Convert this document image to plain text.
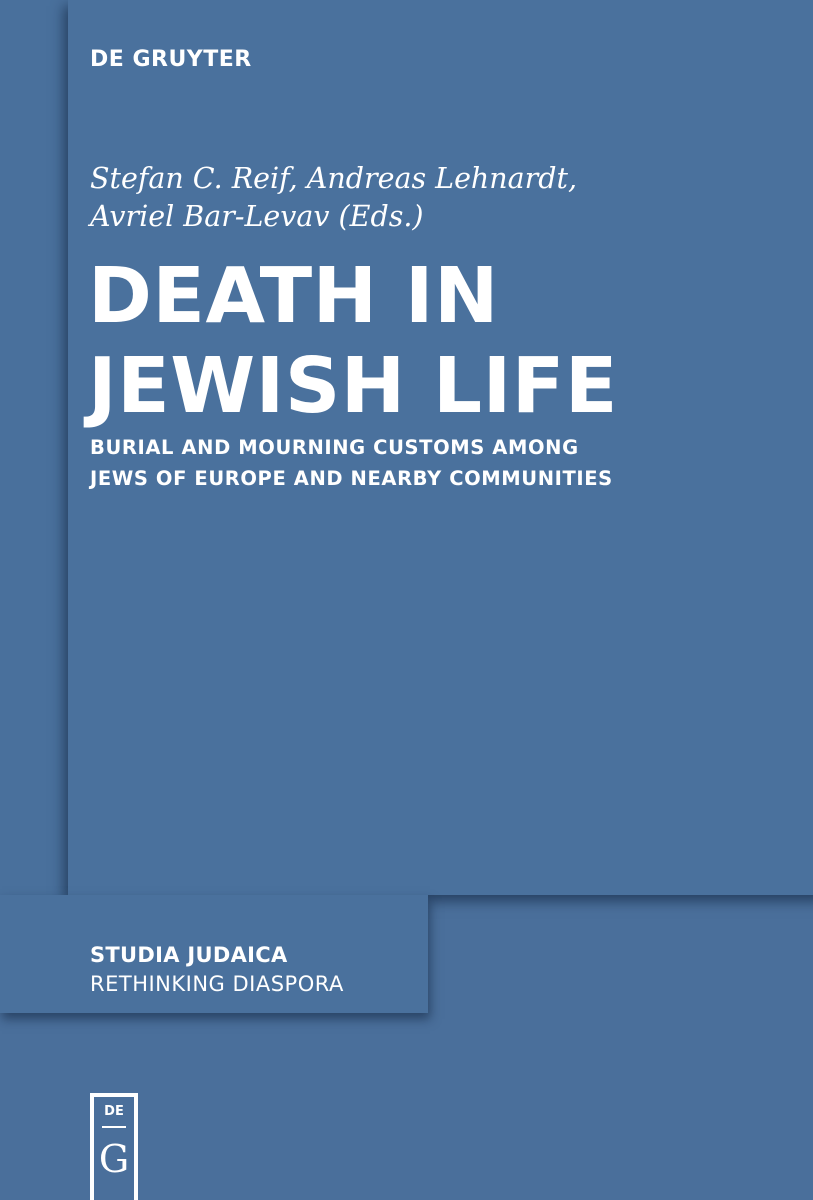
DE GRUYTER
Stefan C. Reif, Andreas Lehnardt,
Avriel Bar-Levav (Eds.)
DEATH IN
JEWISH LIFE
BURIAL AND MOURNING CUSTOMS AMONG
JEWS OF EUROPE AND NEARBY COMMUNITIES
STUDIA JUDAICA
RETHINKING DIASPORA
DE
G
